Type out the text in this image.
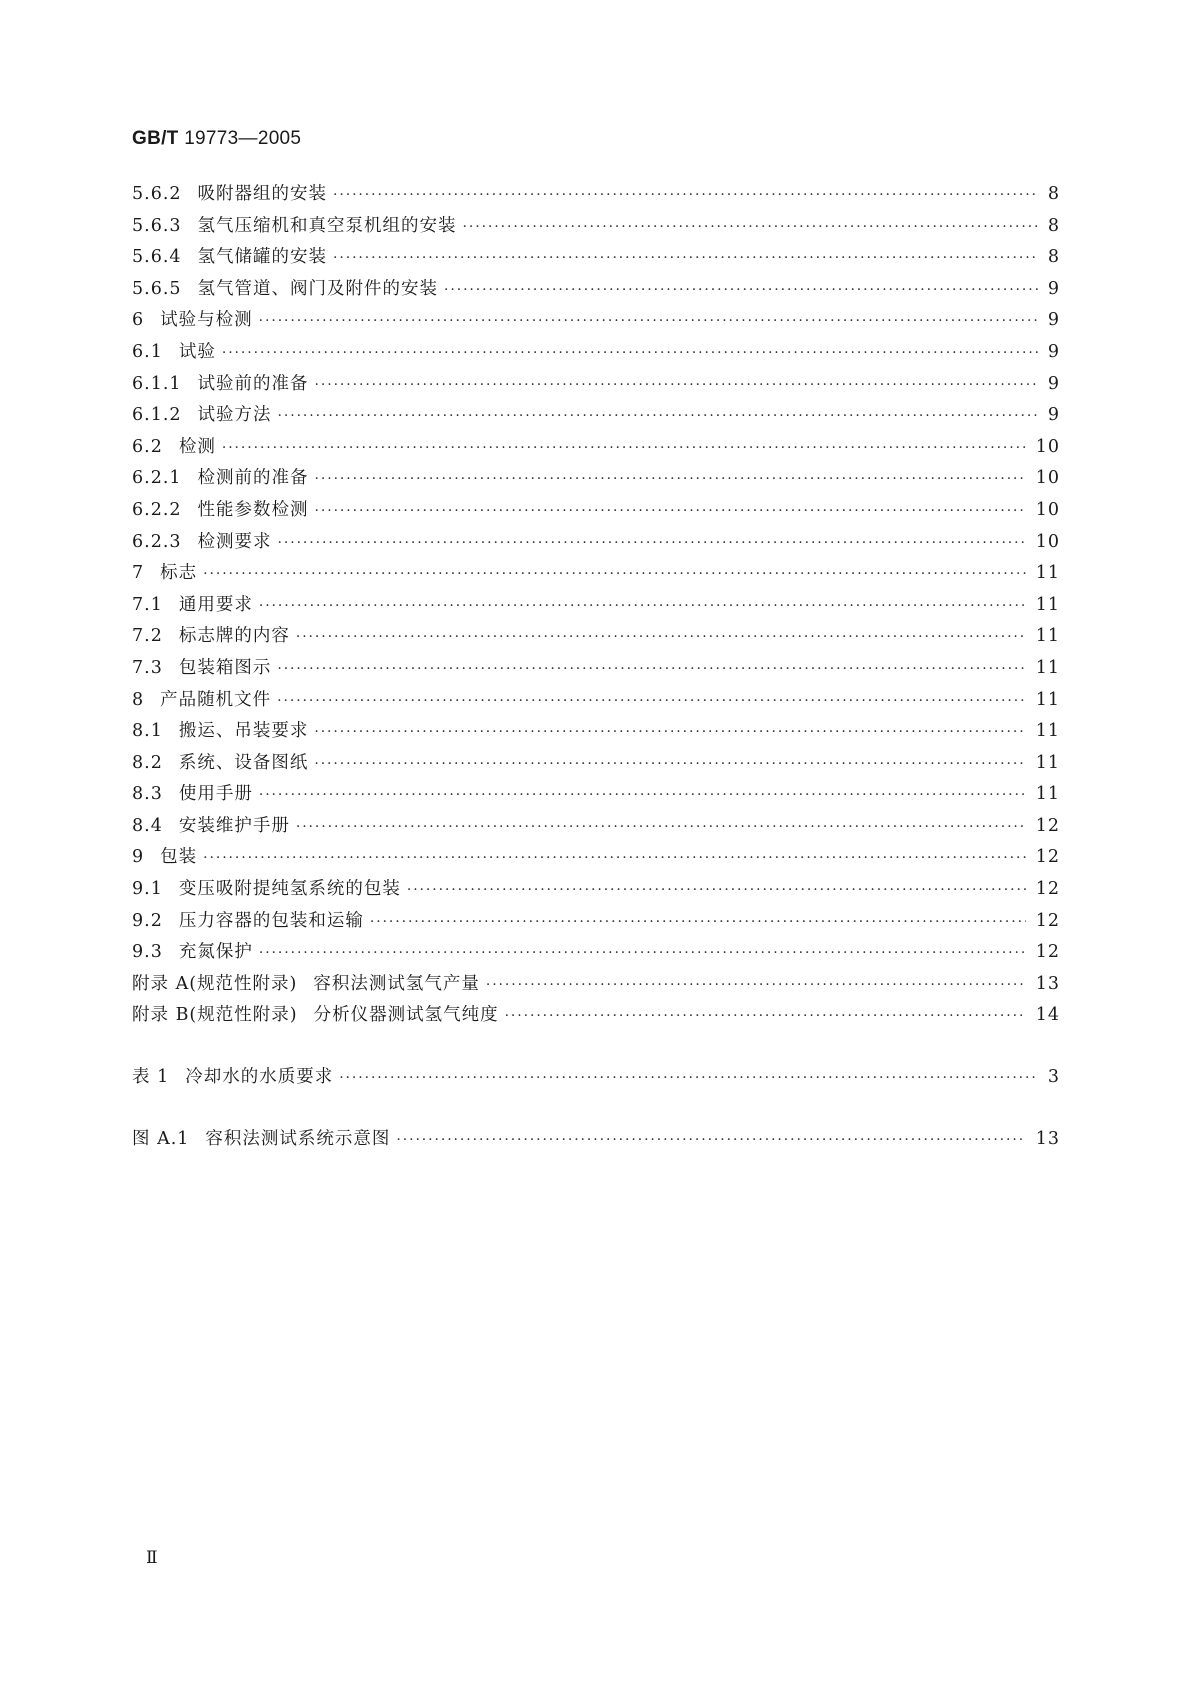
GB/T 19773—2005
5.6.2 吸附器组的安装 ·····	8
5.6.3 氢气压缩机和真空泵机组的安装 ·····	8
5.6.4 氢气储罐的安装 ·····	8
5.6.5 氢气管道、阀门及附件的安装 ·····	9
6 试验与检测 ·····	9
6.1 试验 ·····	9
6.1.1 试验前的准备 ·····	9
6.1.2 试验方法 ·····	9
6.2 检测 ·····	10
6.2.1 检测前的准备 ·····	10
6.2.2 性能参数检测 ·····	10
6.2.3 检测要求 ·····	10
7 标志 ·····	11
7.1 通用要求 ·····	11
7.2 标志牌的内容 ·····	11
7.3 包装箱图示 ·····	11
8 产品随机文件 ·····	11
8.1 搬运、吊装要求 ·····	11
8.2 系统、设备图纸 ·····	11
8.3 使用手册 ·····	11
8.4 安装维护手册 ·····	12
9 包装 ·····	12
9.1 变压吸附提纯氢系统的包装 ·····	12
9.2 压力容器的包装和运输 ·····	12
9.3 充氮保护 ·····	12
附录 A(规范性附录) 容积法测试氢气产量 ·····	13
附录 B(规范性附录) 分析仪器测试氢气纯度 ·····	14
表 1 冷却水的水质要求 ·····	3
图 A.1 容积法测试系统示意图 ·····	13
Ⅱ
